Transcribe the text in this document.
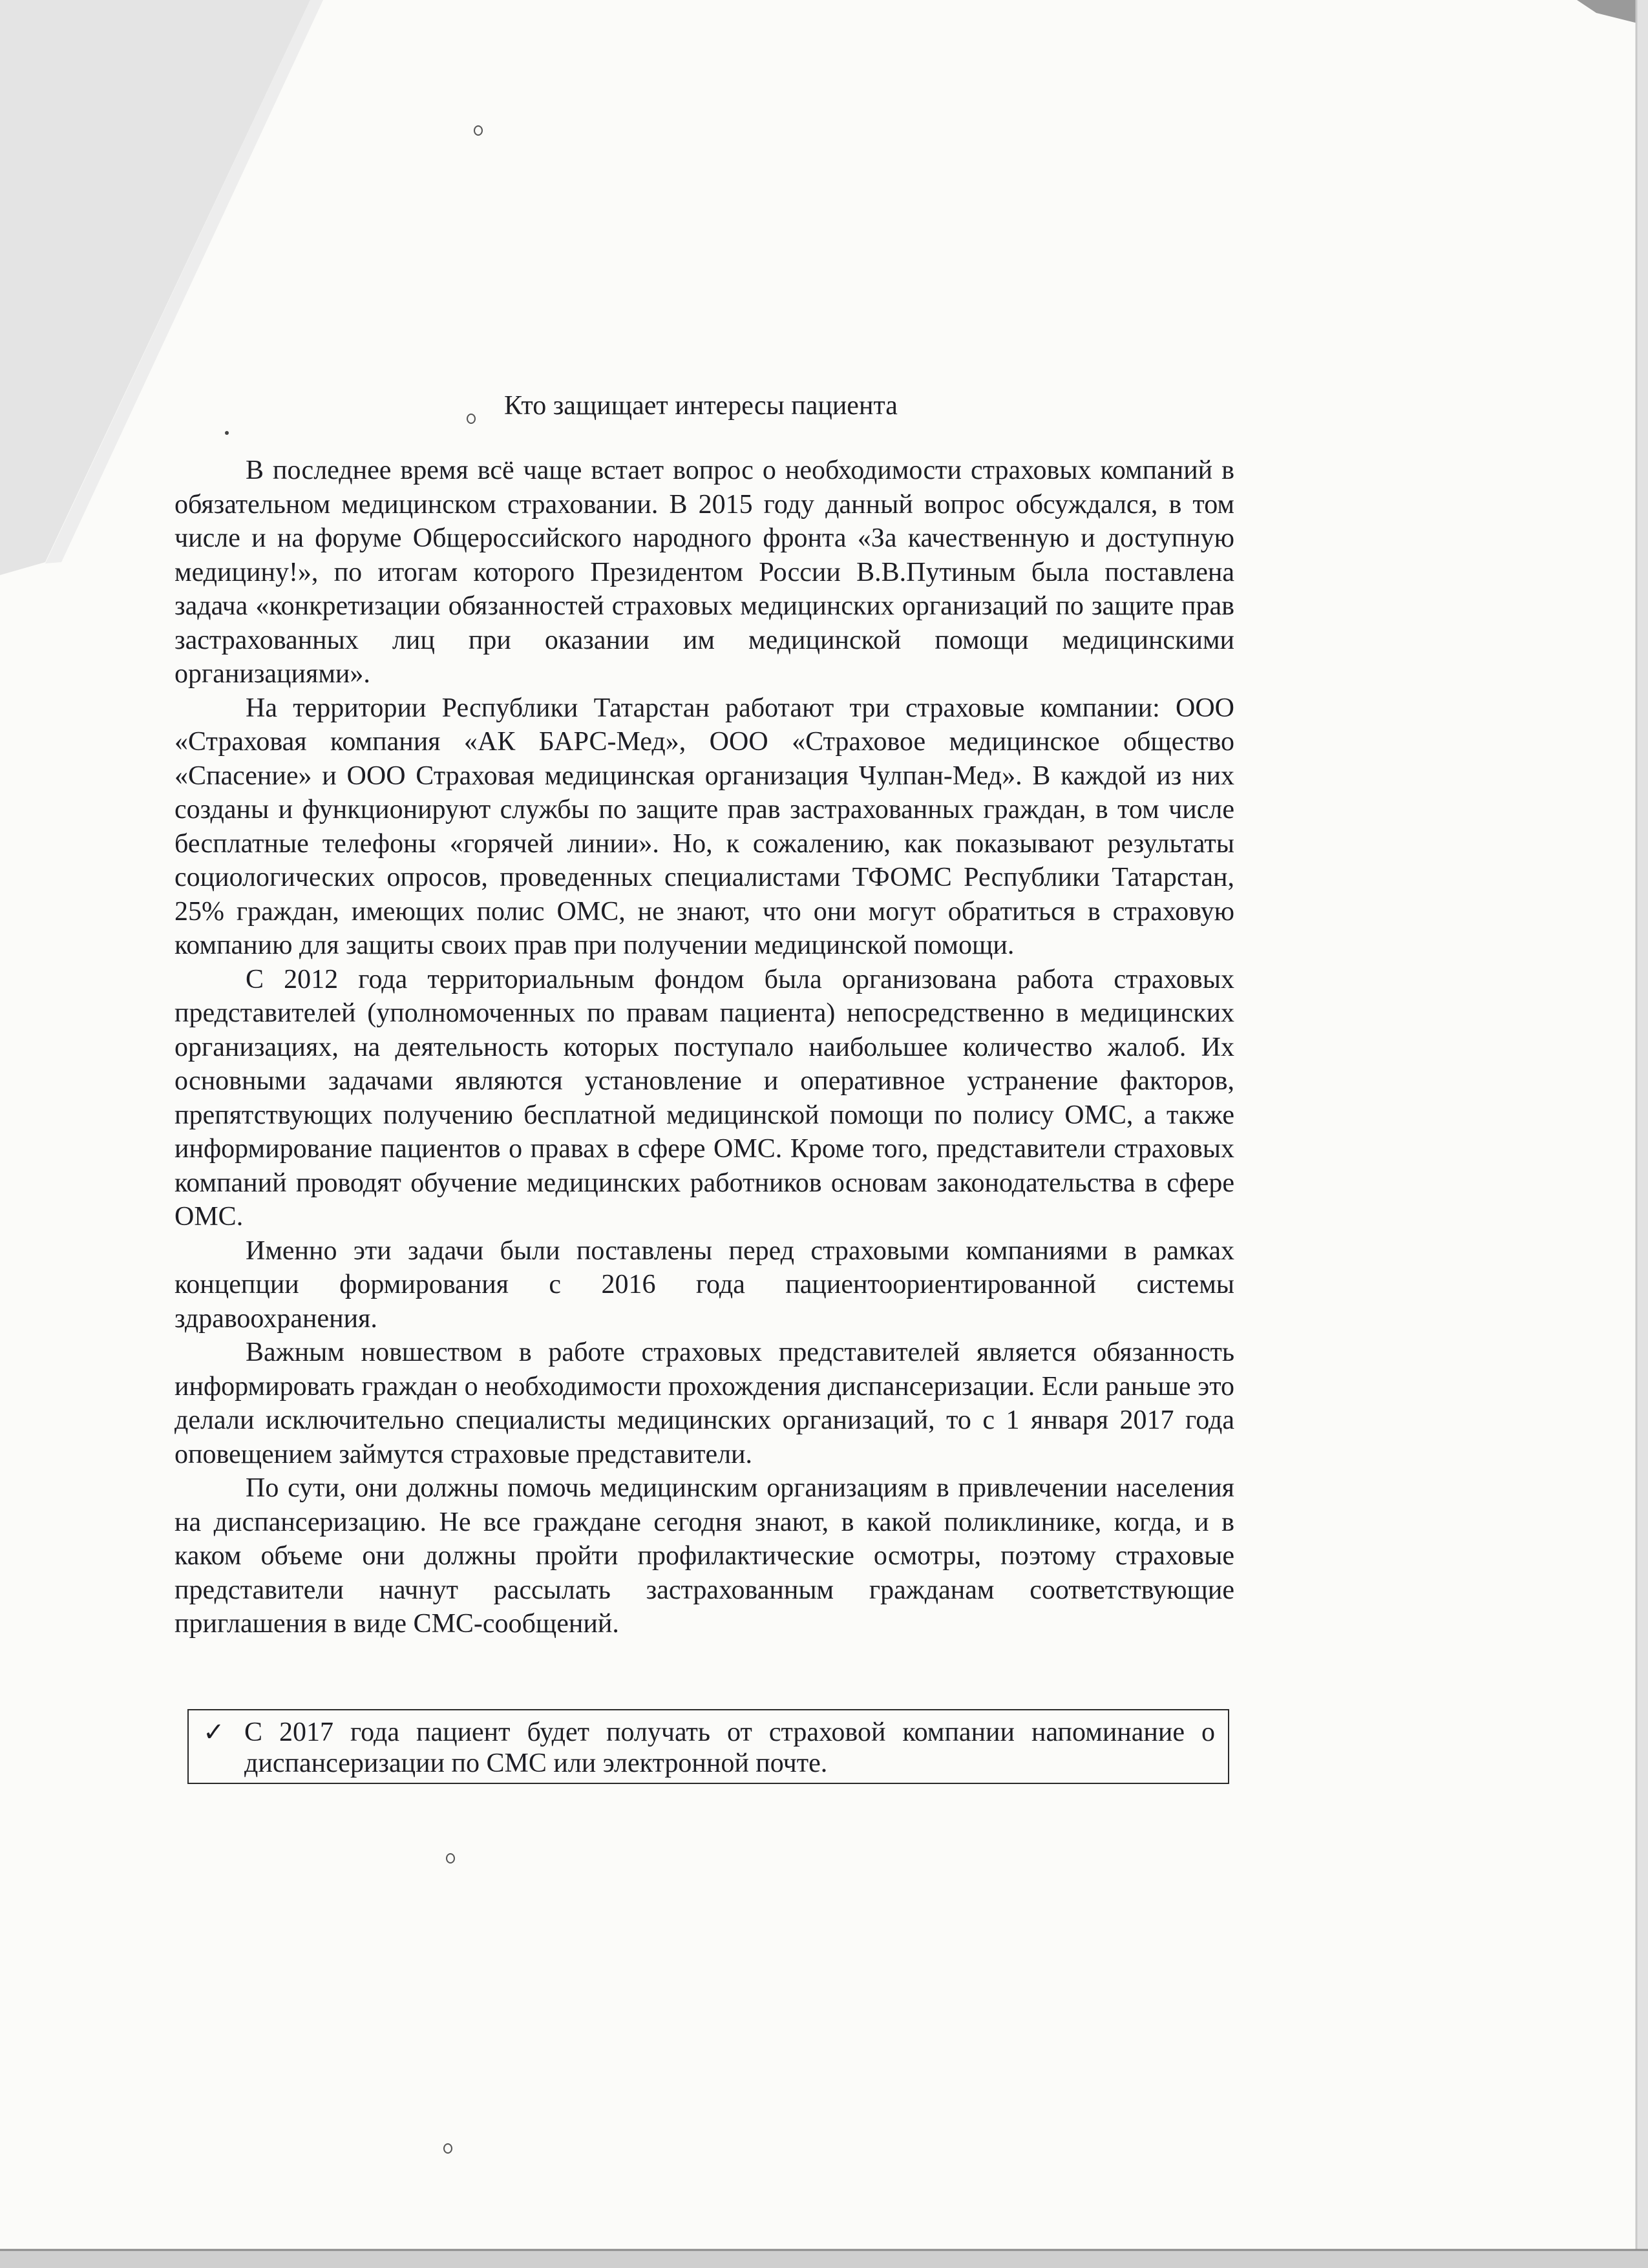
Кто защищает интересы пациента

В последнее время всё чаще встает вопрос о необходимости страховых компаний в обязательном медицинском страховании. В 2015 году данный вопрос обсуждался, в том числе и на форуме Общероссийского народного фронта «За качественную и доступную медицину!», по итогам которого Президентом России В.В.Путиным была поставлена задача «конкретизации обязанностей страховых медицинских организаций по защите прав застрахованных лиц при оказании им медицинской помощи медицинскими организациями».

На территории Республики Татарстан работают три страховые компании: ООО «Страховая компания «АК БАРС-Мед», ООО «Страховое медицинское общество «Спасение» и ООО Страховая медицинская организация Чулпан-Мед». В каждой из них созданы и функционируют службы по защите прав застрахованных граждан, в том числе бесплатные телефоны «горячей линии». Но, к сожалению, как показывают результаты социологических опросов, проведенных специалистами ТФОМС Республики Татарстан, 25% граждан, имеющих полис ОМС, не знают, что они могут обратиться в страховую компанию для защиты своих прав при получении медицинской помощи.

С 2012 года территориальным фондом была организована работа страховых представителей (уполномоченных по правам пациента) непосредственно в медицинских организациях, на деятельность которых поступало наибольшее количество жалоб. Их основными задачами являются установление и оперативное устранение факторов, препятствующих получению бесплатной медицинской помощи по полису ОМС, а также информирование пациентов о правах в сфере ОМС. Кроме того, представители страховых компаний проводят обучение медицинских работников основам законодательства в сфере ОМС.

Именно эти задачи были поставлены перед страховыми компаниями в рамках концепции формирования с 2016 года пациентоориентированной системы здравоохранения.

Важным новшеством в работе страховых представителей является обязанность информировать граждан о необходимости прохождения диспансеризации. Если раньше это делали исключительно специалисты медицинских организаций, то с 1 января 2017 года оповещением займутся страховые представители.

По сути, они должны помочь медицинским организациям в привлечении населения на диспансеризацию. Не все граждане сегодня знают, в какой поликлинике, когда, и в каком объеме они должны пройти профилактические осмотры, поэтому страховые представители начнут рассылать застрахованным гражданам соответствующие приглашения в виде СМС-сообщений.

✓ С 2017 года пациент будет получать от страховой компании напоминание о диспансеризации по СМС или электронной почте.
